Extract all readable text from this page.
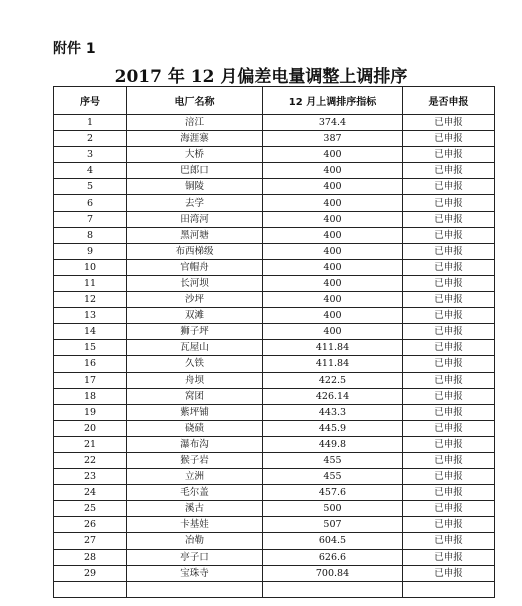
附件 1
2017 年 12 月偏差电量调整上调排序
序号	电厂名称	12 月上调排序指标	是否申报
1	涪江	374.4	已申报
2	海涯寨	387	已申报
3	大桥	400	已申报
4	巴郎口	400	已申报
5	铜陵	400	已申报
6	去学	400	已申报
7	田湾河	400	已申报
8	黑河塘	400	已申报
9	布西梯级	400	已申报
10	官帽舟	400	已申报
11	长河坝	400	已申报
12	沙坪	400	已申报
13	双滩	400	已申报
14	狮子坪	400	已申报
15	瓦屋山	411.84	已申报
16	久铁	411.84	已申报
17	舟坝	422.5	已申报
18	窝团	426.14	已申报
19	紫坪铺	443.3	已申报
20	硗碛	445.9	已申报
21	瀑布沟	449.8	已申报
22	猴子岩	455	已申报
23	立洲	455	已申报
24	毛尔盖	457.6	已申报
25	溪古	500	已申报
26	卡基娃	507	已申报
27	冶勒	604.5	已申报
28	亭子口	626.6	已申报
29	宝珠寺	700.84	已申报
